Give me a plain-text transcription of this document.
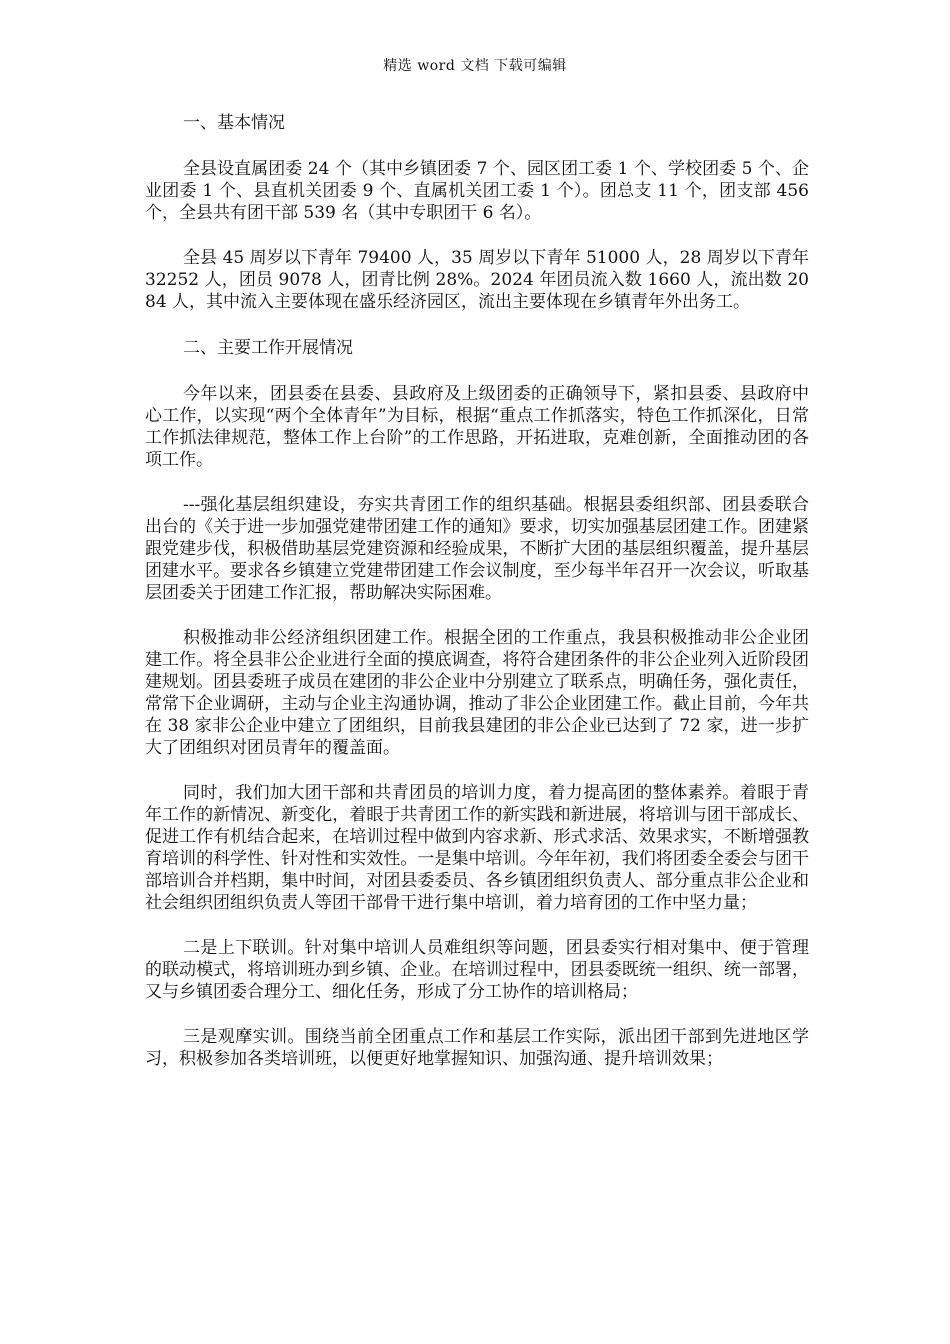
精选 word 文档 下载可编辑

一、基本情况

全县设直属团委 24 个（其中乡镇团委 7 个、园区团工委 1 个、学校团委 5 个、企业团委 1 个、县直机关团委 9 个、直属机关团工委 1 个）。团总支 11 个，团支部 456 个，全县共有团干部 539 名（其中专职团干 6 名）。

全县 45 周岁以下青年 79400 人，35 周岁以下青年 51000 人，28 周岁以下青年 32252 人，团员 9078 人，团青比例 28%。2024 年团员流入数 1660 人，流出数 2084 人，其中流入主要体现在盛乐经济园区，流出主要体现在乡镇青年外出务工。

二、主要工作开展情况

今年以来，团县委在县委、县政府及上级团委的正确领导下，紧扣县委、县政府中心工作，以实现“两个全体青年”为目标，根据“重点工作抓落实，特色工作抓深化，日常工作抓法律规范，整体工作上台阶”的工作思路，开拓进取，克难创新，全面推动团的各项工作。

---强化基层组织建设，夯实共青团工作的组织基础。根据县委组织部、团县委联合出台的《关于进一步加强党建带团建工作的通知》要求，切实加强基层团建工作。团建紧跟党建步伐，积极借助基层党建资源和经验成果，不断扩大团的基层组织覆盖，提升基层团建水平。要求各乡镇建立党建带团建工作会议制度，至少每半年召开一次会议，听取基层团委关于团建工作汇报，帮助解决实际困难。

积极推动非公经济组织团建工作。根据全团的工作重点，我县积极推动非公企业团建工作。将全县非公企业进行全面的摸底调查，将符合建团条件的非公企业列入近阶段团建规划。团县委班子成员在建团的非公企业中分别建立了联系点，明确任务，强化责任，常常下企业调研，主动与企业主沟通协调，推动了非公企业团建工作。截止目前，今年共在 38 家非公企业中建立了团组织，目前我县建团的非公企业已达到了 72 家，进一步扩大了团组织对团员青年的覆盖面。

同时，我们加大团干部和共青团员的培训力度，着力提高团的整体素养。着眼于青年工作的新情况、新变化，着眼于共青团工作的新实践和新进展，将培训与团干部成长、促进工作有机结合起来，在培训过程中做到内容求新、形式求活、效果求实，不断增强教育培训的科学性、针对性和实效性。一是集中培训。今年年初，我们将团委全委会与团干部培训合并档期，集中时间，对团县委委员、各乡镇团组织负责人、部分重点非公企业和社会组织团组织负责人等团干部骨干进行集中培训，着力培育团的工作中坚力量；

二是上下联训。针对集中培训人员难组织等问题，团县委实行相对集中、便于管理的联动模式，将培训班办到乡镇、企业。在培训过程中，团县委既统一组织、统一部署，又与乡镇团委合理分工、细化任务，形成了分工协作的培训格局；

三是观摩实训。围绕当前全团重点工作和基层工作实际，派出团干部到先进地区学习，积极参加各类培训班，以便更好地掌握知识、加强沟通、提升培训效果；
